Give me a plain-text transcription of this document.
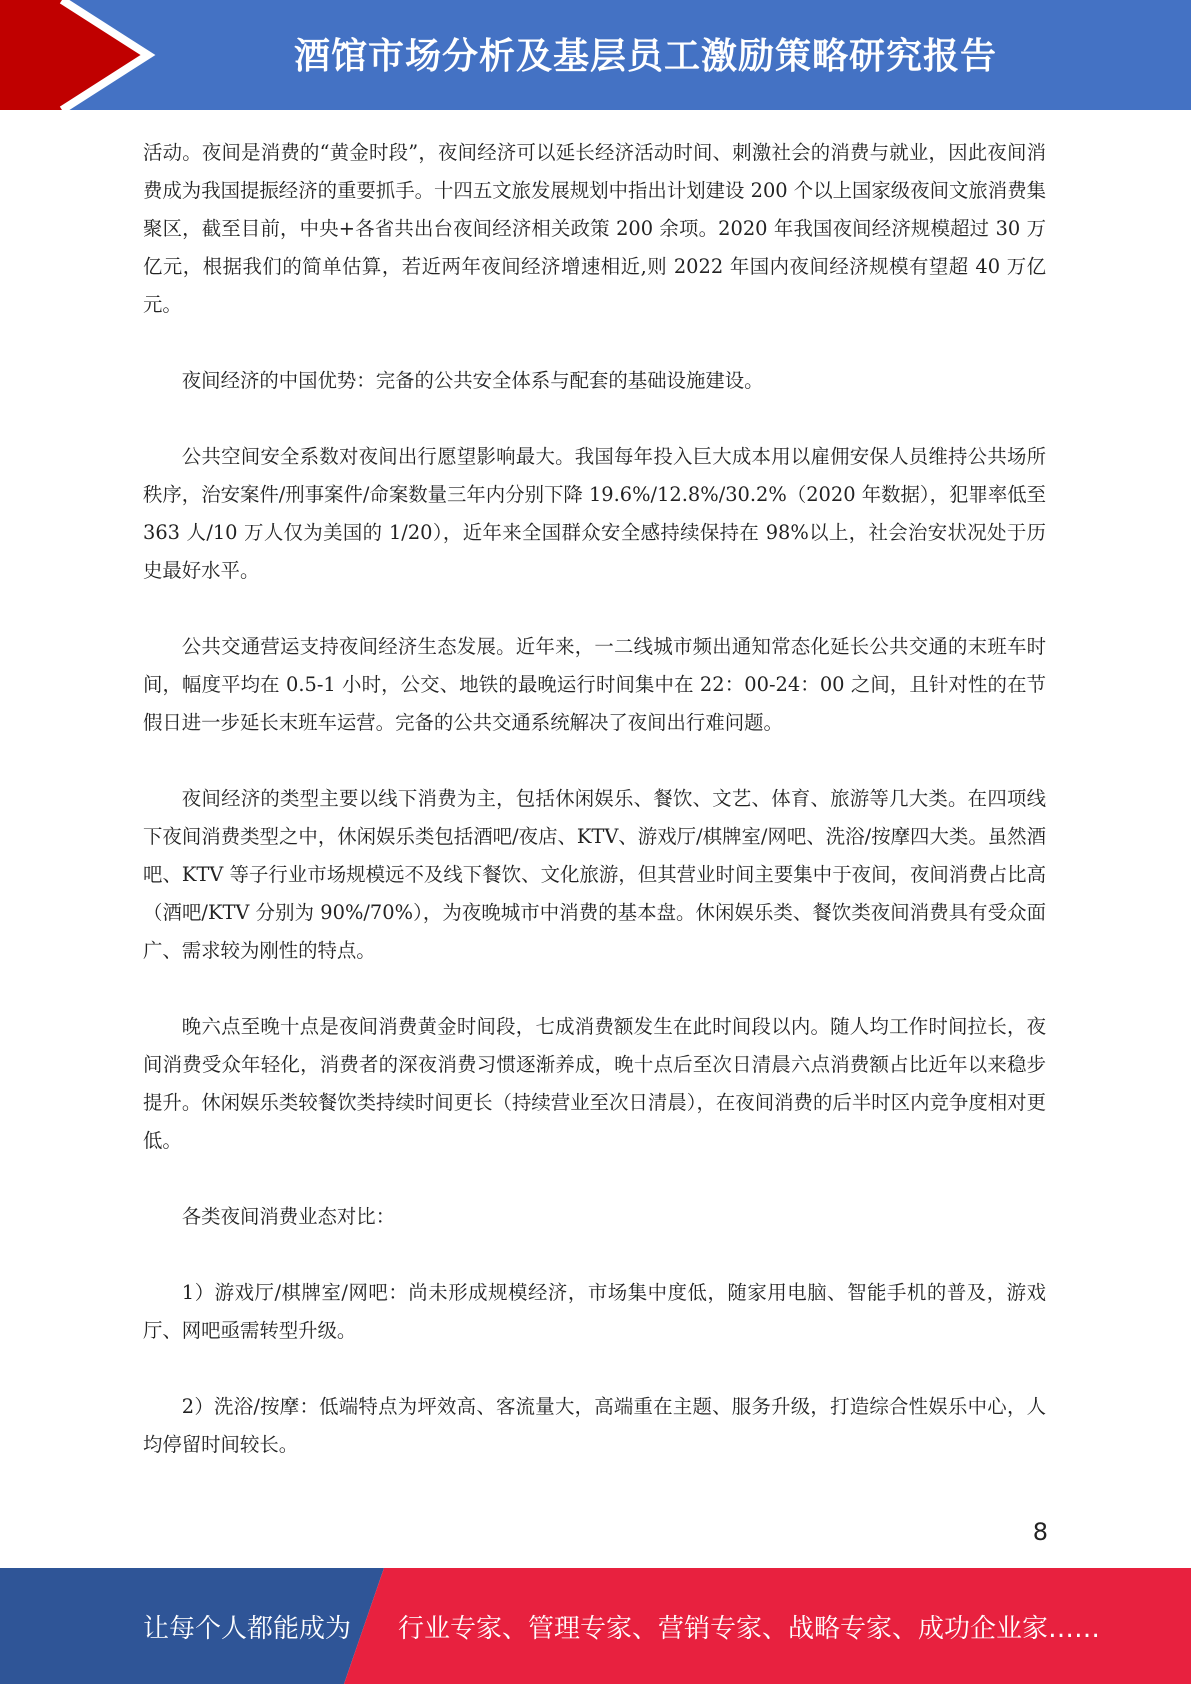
酒馆市场分析及基层员工激励策略研究报告

活动。夜间是消费的“黄金时段”，夜间经济可以延长经济活动时间、刺激社会的消费与就业，因此夜间消费成为我国提振经济的重要抓手。十四五文旅发展规划中指出计划建设 200 个以上国家级夜间文旅消费集聚区，截至目前，中央+各省共出台夜间经济相关政策 200 余项。2020 年我国夜间经济规模超过 30 万亿元，根据我们的简单估算，若近两年夜间经济增速相近,则 2022 年国内夜间经济规模有望超 40 万亿元。

夜间经济的中国优势：完备的公共安全体系与配套的基础设施建设。

公共空间安全系数对夜间出行愿望影响最大。我国每年投入巨大成本用以雇佣安保人员维持公共场所秩序，治安案件/刑事案件/命案数量三年内分别下降 19.6%/12.8%/30.2%（2020 年数据），犯罪率低至 363 人/10 万人仅为美国的 1/20），近年来全国群众安全感持续保持在 98%以上，社会治安状况处于历史最好水平。

公共交通营运支持夜间经济生态发展。近年来，一二线城市频出通知常态化延长公共交通的末班车时间，幅度平均在 0.5-1 小时，公交、地铁的最晚运行时间集中在 22：00-24：00 之间，且针对性的在节假日进一步延长末班车运营。完备的公共交通系统解决了夜间出行难问题。

夜间经济的类型主要以线下消费为主，包括休闲娱乐、餐饮、文艺、体育、旅游等几大类。在四项线下夜间消费类型之中，休闲娱乐类包括酒吧/夜店、KTV、游戏厅/棋牌室/网吧、洗浴/按摩四大类。虽然酒吧、KTV 等子行业市场规模远不及线下餐饮、文化旅游，但其营业时间主要集中于夜间，夜间消费占比高（酒吧/KTV 分别为 90%/70%），为夜晚城市中消费的基本盘。休闲娱乐类、餐饮类夜间消费具有受众面广、需求较为刚性的特点。

晚六点至晚十点是夜间消费黄金时间段，七成消费额发生在此时间段以内。随人均工作时间拉长，夜间消费受众年轻化，消费者的深夜消费习惯逐渐养成，晚十点后至次日清晨六点消费额占比近年以来稳步提升。休闲娱乐类较餐饮类持续时间更长（持续营业至次日清晨），在夜间消费的后半时区内竞争度相对更低。

各类夜间消费业态对比：

1）游戏厅/棋牌室/网吧：尚未形成规模经济，市场集中度低，随家用电脑、智能手机的普及，游戏厅、网吧亟需转型升级。

2）洗浴/按摩：低端特点为坪效高、客流量大，高端重在主题、服务升级，打造综合性娱乐中心，人均停留时间较长。

8
让每个人都能成为 行业专家、管理专家、营销专家、战略专家、成功企业家……
